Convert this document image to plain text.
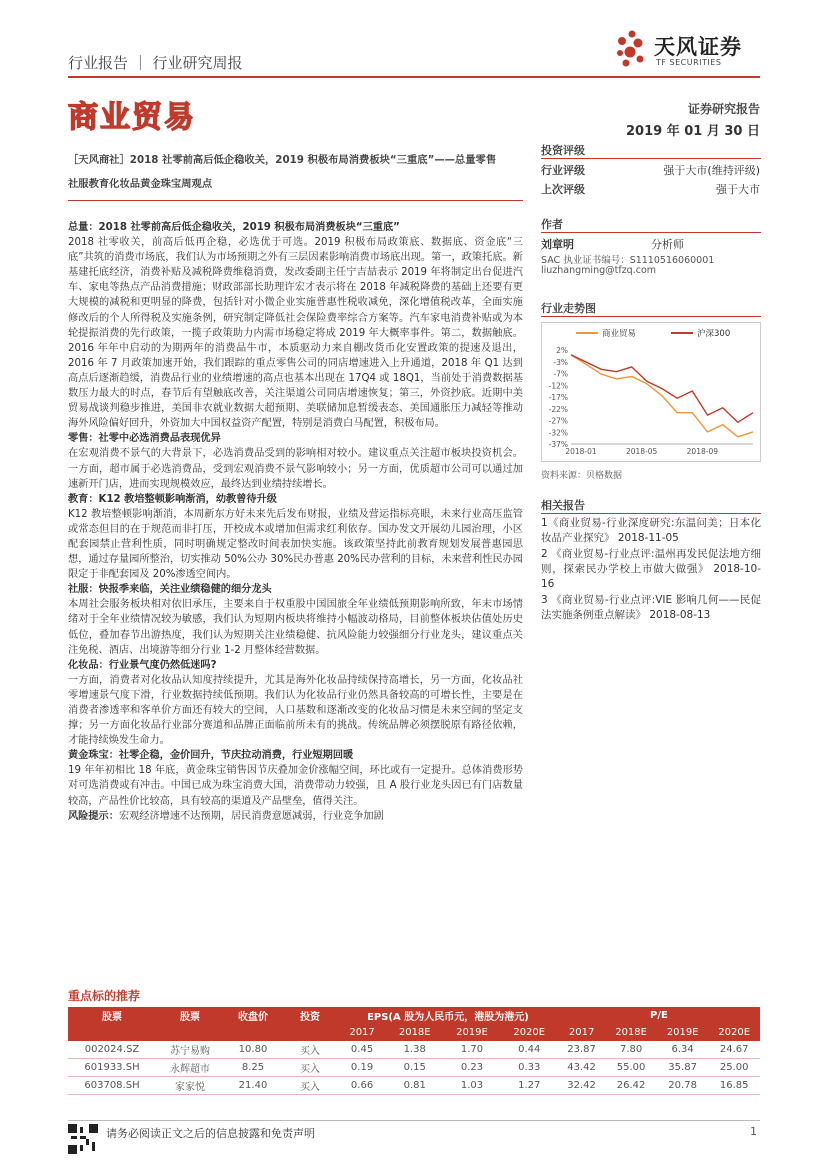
行业报告 ｜ 行业研究周报
天风证券
TF SECURITIES
商业贸易	证券研究报告
2019 年 01 月 30 日
［天风商社］2018 社零前高后低企稳收关，2019 积极布局消费板块“三重底”——总量零售
社服教育化妆品黄金珠宝周观点

总量：2018 社零前高后低企稳收关，2019 积极布局消费板块“三重底”

2018 社零收关，前高后低再企稳，必选优于可选。2019 积极布局政策底、数据底、资金底“三底”共筑的消费市场底，我们认为市场预期之外有三层因素影响消费市场底出现。第一，政策托底。新基建托底经济，消费补贴及减税降费维稳消费，发改委副主任宁吉喆表示 2019 年将制定出台促进汽车、家电等热点产品消费措施；财政部部长助理许宏才表示将在 2018 年减税降费的基础上还要有更大规模的减税和更明显的降费，包括针对小微企业实施普惠性税收减免，深化增值税改革，全面实施修改后的个人所得税及实施条例，研究制定降低社会保险费率综合方案等。汽车家电消费补贴或为本轮提振消费的先行政策，一揽子政策助力内需市场稳定将成 2019 年大概率事件。第二，数据触底。2016 年年中启动的为期两年的消费品牛市，本质驱动力来自棚改货币化安置政策的提速及退出，2016 年 7 月政策加速开始，我们跟踪的重点零售公司的同店增速进入上升通道，2018 年 Q1 达到高点后逐渐趋缓，消费品行业的业绩增速的高点也基本出现在 17Q4 或 18Q1，当前处于消费数据基数压力最大的时点，春节后有望触底改善，关注渠道公司同店增速恢复；第三，外资抄底。近期中美贸易战谈判稳步推进，美国非农就业数据大超预期、美联储加息暂缓表态、美国通胀压力减轻等推动海外风险偏好回升，外资加大中国权益资产配置，特别是消费白马配置，积极布局。

零售：社零中必选消费品表现优异

在宏观消费不景气的大背景下，必选消费品受到的影响相对较小。建议重点关注超市板块投资机会。一方面，超市属于必选消费品，受到宏观消费不景气影响较小；另一方面，优质超市公司可以通过加速新开门店，进而实现规模效应，最终达到业绩持续增长。

教育：K12 教培整顿影响渐消，幼教曾待升级

K12 教培整顿影响渐消，本周新东方好未来先后发布财报，业绩及营运指标亮眼，未来行业高压监管或常态但目的在于规范而非打压，开校成本或增加但需求红利依存。国办发文开展幼儿园治理，小区配套园禁止营利性质，同时明确规定整改时间表加快实施。该政策坚持此前教育规划发展普惠园思想，通过存量园所整治，切实推动 50%公办 30%民办普惠 20%民办营利的目标，未来营利性民办园限定于非配套园及 20%渗透空间内。

社服：快报季来临，关注业绩稳健的细分龙头

本周社会服务板块相对依旧承压，主要来自于权重股中国国旅全年业绩低预期影响所致，年末市场情绪对于全年业绩情况较为敏感，我们认为短期内板块将维持小幅波动格局，目前整体板块估值处历史低位，叠加春节出游热度，我们认为短期关注业绩稳健、抗风险能力较强细分行业龙头，建议重点关注免税、酒店、出境游等细分行业 1-2 月整体经营数据。

化妆品：行业景气度仍然低迷吗?

一方面，消费者对化妆品认知度持续提升，尤其是海外化妆品持续保持高增长，另一方面，化妆品社零增速景气度下滑，行业数据持续低预期。我们认为化妆品行业仍然具备较高的可增长性，主要是在消费者渗透率和客单价方面还有较大的空间，人口基数和逐渐改变的化妆品习惯是未来空间的坚定支撑；另一方面化妆品行业部分赛道和品牌正面临前所未有的挑战。传统品牌必须摆脱原有路径依赖，才能持续焕发生命力。

黄金珠宝：社零企稳，金价回升，节庆拉动消费，行业短期回暖

19 年年初相比 18 年底，黄金珠宝销售因节庆叠加金价涨幅空间，环比或有一定提升。总体消费形势对可选消费或有冲击。中国已成为珠宝消费大国，消费带动力较强，且 A 股行业龙头因已有门店数量较高，产品性价比较高，具有较高的渠道及产品壁垒，值得关注。

风险提示：宏观经济增速不达预期，居民消费意愿减弱，行业竞争加剧

投资评级
行业评级	强于大市(维持评级)
上次评级	强于大市
作者
刘章明	分析师
SAC 执业证书编号：S1110516060001
liuzhangming@tfzq.com
行业走势图
2%
-3%
-7%
-12%
-17%
-22%
-27%
-32%
-37%
2018-01	2018-05	2018-09
商业贸易	沪深300
资料来源：贝格数据
相关报告
1《商业贸易-行业深度研究:东温问美；日本化妆品产业探究》 2018-11-05
2 《商业贸易-行业点评:温州再发民促法地方细则，探索民办学校上市做大做强》 2018-10-16
3 《商业贸易-行业点评:VIE 影响几何——民促法实施条例重点解读》 2018-08-13
重点标的推荐
股票	股票	收盘价	投资	EPS(A 股为人民币元，港股为港元)				P/E			
				2017	2018E	2019E	2020E	2017	2018E	2019E	2020E
002024.SZ	苏宁易购	10.80	买入	0.45	1.38	1.70	0.44	23.87	7.80	6.34	24.67
601933.SH	永辉超市	8.25	买入	0.19	0.15	0.23	0.33	43.42	55.00	35.87	25.00
603708.SH	家家悦	21.40	买入	0.66	0.81	1.03	1.27	32.42	26.42	20.78	16.85
请务必阅读正文之后的信息披露和免责声明	1
